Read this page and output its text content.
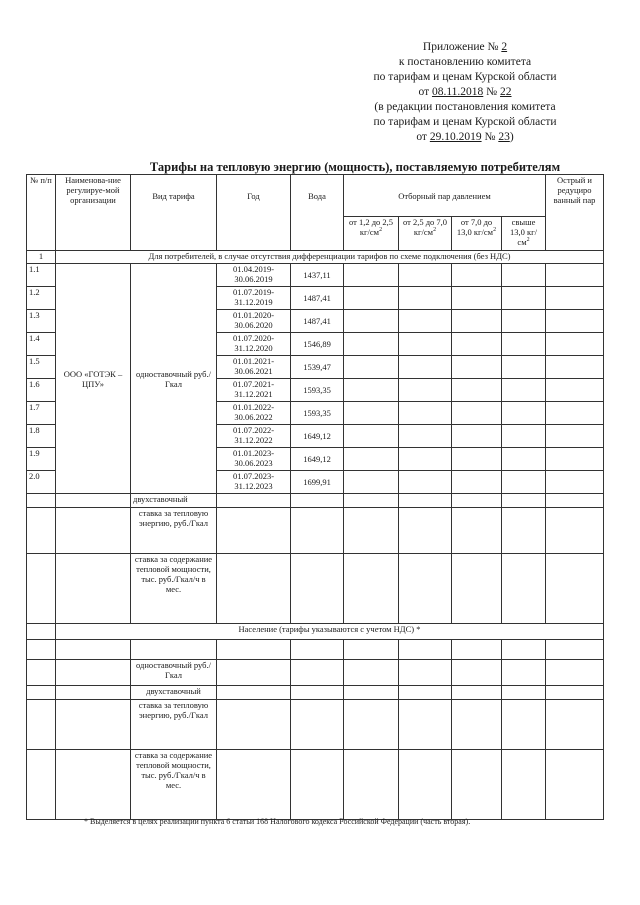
Приложение № 2
к постановлению комитета
по тарифам и ценам Курской области
от 08.11.2018 № 22
(в редакции постановления комитета
по тарифам и ценам Курской области
от 29.10.2019 № 23)
Тарифы на тепловую энергию (мощность), поставляемую потребителям
№ п/п	Наименова-ние регулируе-мой организации	Вид тарифа	Год	Вода	Отборный пар давлением				Острый и редуциро ванный пар
					от 1,2 до 2,5 $кг/см^2$	от 2,5 до 7,0 $кг/см^2$	от 7,0 до 13,0 $кг/см^2$	свыше 13,0 $кг/см^2$
1	Для потребителей, в случае отсутствия дифференциации тарифов по схеме подключения (без НДС)								
1.1	ООО «ГОТЭК – ЦПУ»	одноставочный руб./Гкал	01.04.2019-30.06.2019	1437,11					
1.2			01.07.2019-31.12.2019	1487,41					
1.3			01.01.2020-30.06.2020	1487,41					
1.4			01.07.2020-31.12.2020	1546,89					
1.5			01.01.2021-30.06.2021	1539,47					
1.6			01.07.2021-31.12.2021	1593,35					
1.7			01.01.2022-30.06.2022	1593,35					
1.8			01.07.2022-31.12.2022	1649,12					
1.9			01.01.2023-30.06.2023	1649,12					
2.0			01.07.2023-31.12.2023	1699,91					
		двухставочный							
		ставка за тепловую энергию, руб./Гкал							
		ставка за содержание тепловой мощности, тыс. руб./Гкал/ч в мес.							
	Население (тарифы указываются с учетом НДС) *								

		одноставочный руб./Гкал							
		двухставочный							
		ставка за тепловую энергию, руб./Гкал							
		ставка за содержание тепловой мощности, тыс. руб./Гкал/ч в мес.							
* Выделяется в целях реализации пункта 6 статьи 168 Налогового кодекса Российской Федерации (часть вторая).
